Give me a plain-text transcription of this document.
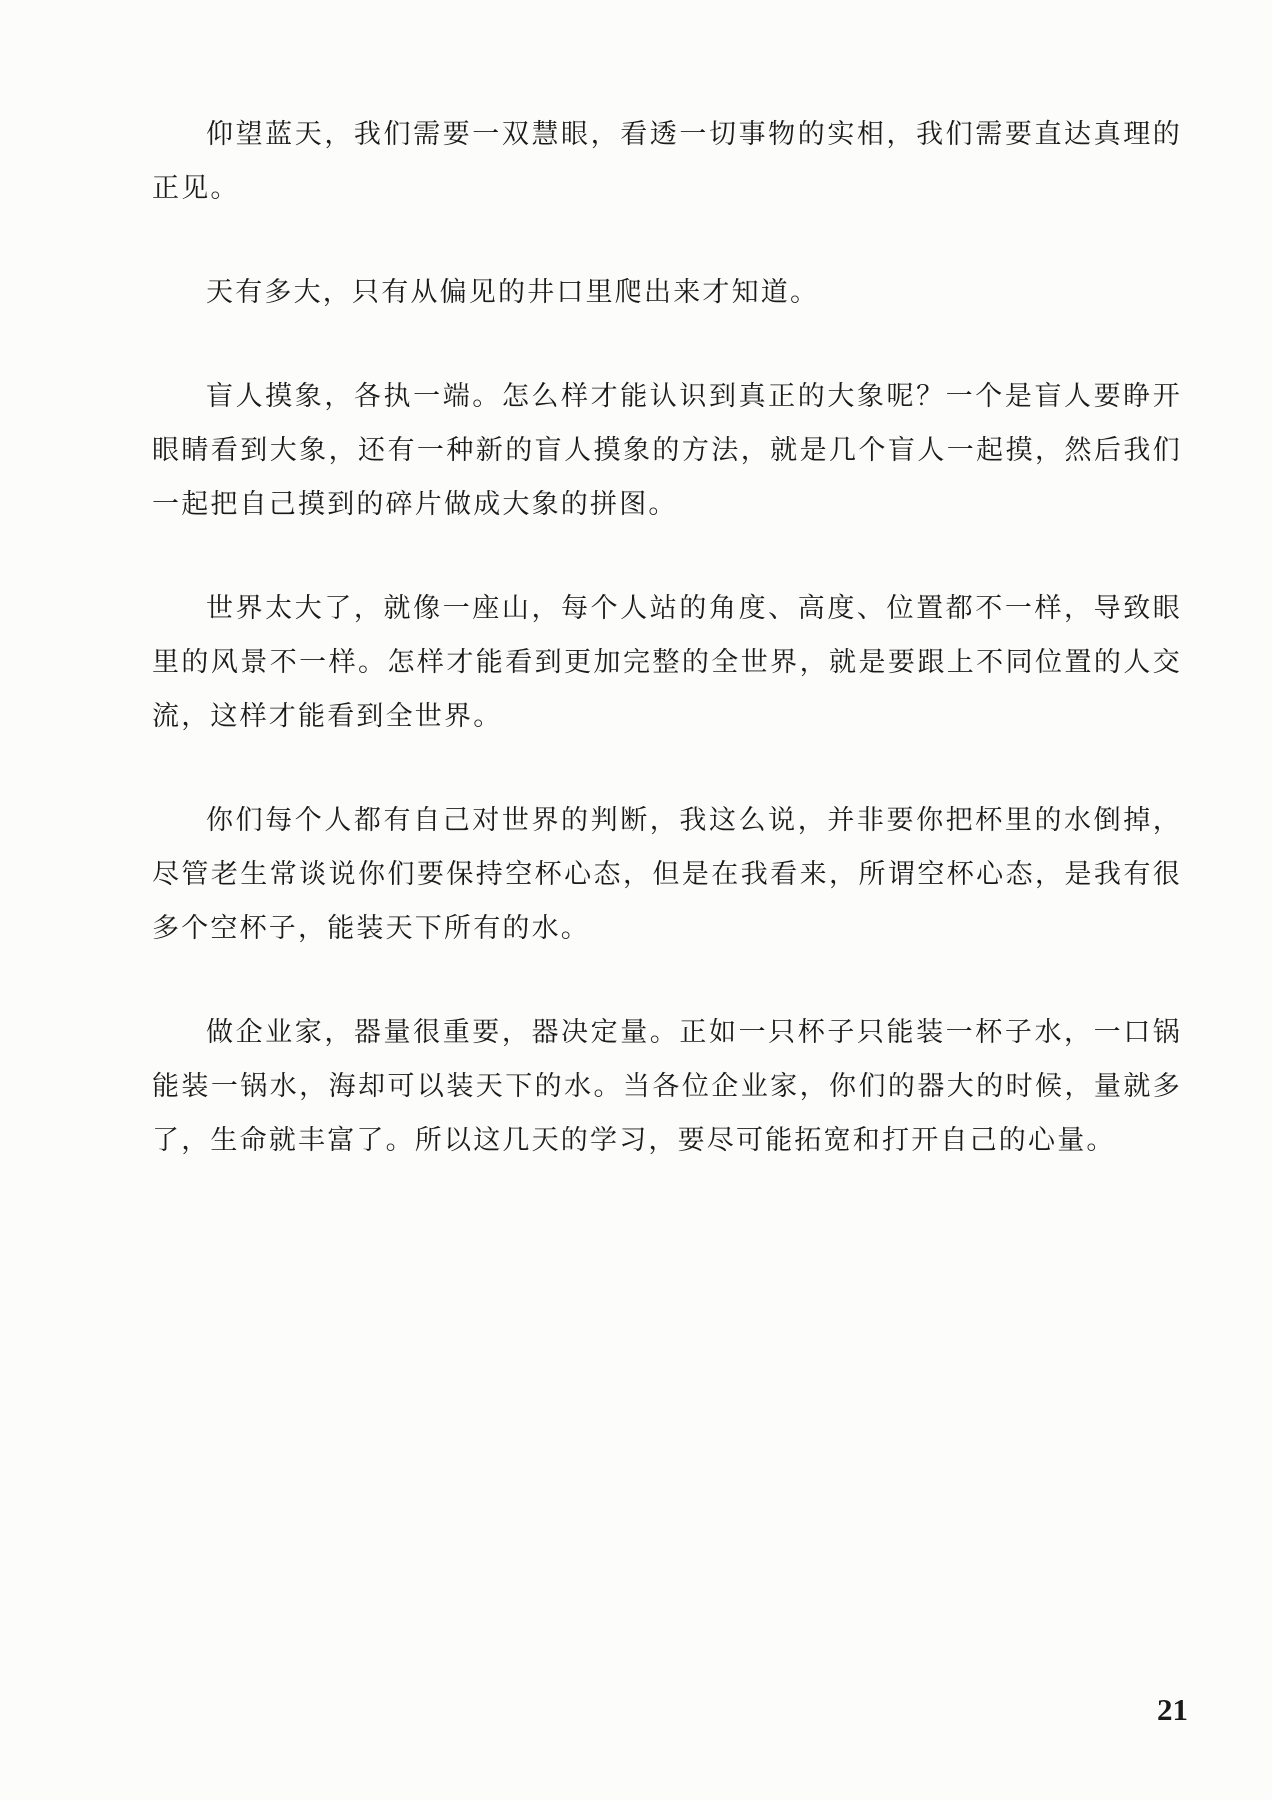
仰望蓝天，我们需要一双慧眼，看透一切事物的实相，我们需要直达真理的正见。

天有多大，只有从偏见的井口里爬出来才知道。

盲人摸象，各执一端。怎么样才能认识到真正的大象呢？一个是盲人要睁开眼睛看到大象，还有一种新的盲人摸象的方法，就是几个盲人一起摸，然后我们一起把自己摸到的碎片做成大象的拼图。

世界太大了，就像一座山，每个人站的角度、高度、位置都不一样，导致眼里的风景不一样。怎样才能看到更加完整的全世界，就是要跟上不同位置的人交流，这样才能看到全世界。

你们每个人都有自己对世界的判断，我这么说，并非要你把杯里的水倒掉，尽管老生常谈说你们要保持空杯心态，但是在我看来，所谓空杯心态，是我有很多个空杯子，能装天下所有的水。

做企业家，器量很重要，器决定量。正如一只杯子只能装一杯子水，一口锅能装一锅水，海却可以装天下的水。当各位企业家，你们的器大的时候，量就多了，生命就丰富了。所以这几天的学习，要尽可能拓宽和打开自己的心量。

21
